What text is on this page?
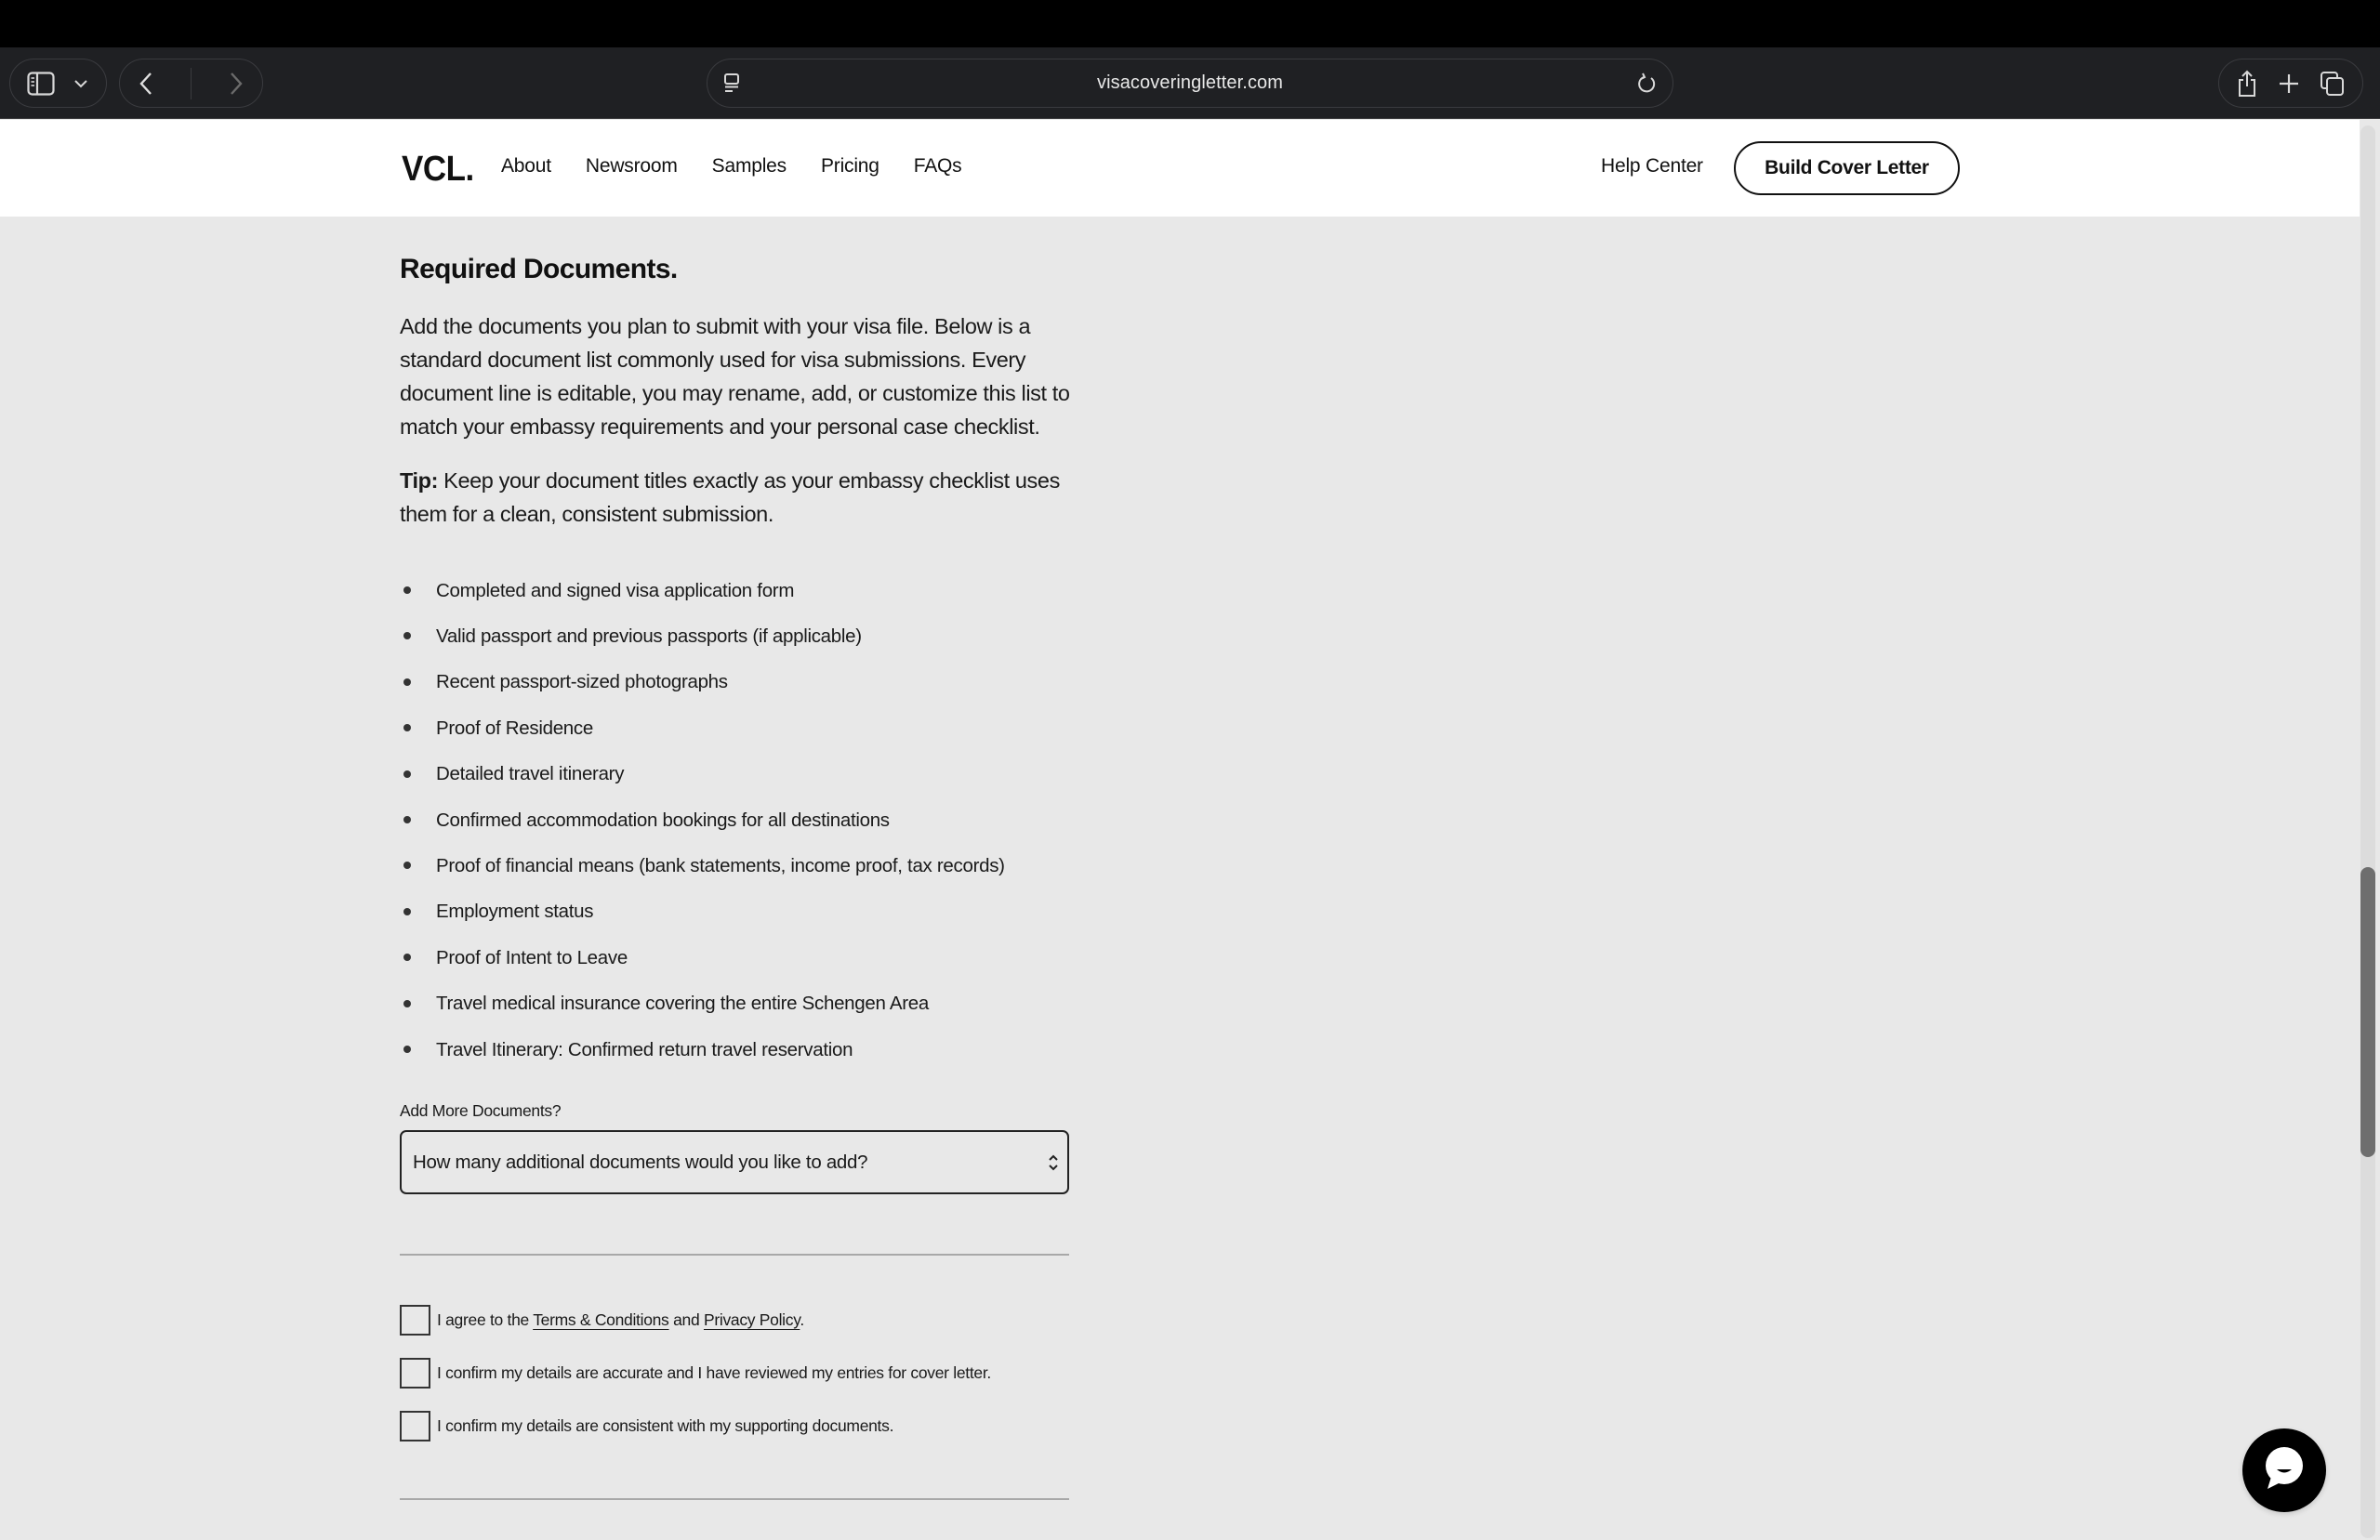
visacoveringletter.com
VCL. About Newsroom Samples Pricing FAQs	Help Center	Build Cover Letter
Required Documents.

Add the documents you plan to submit with your visa file. Below is a standard document list commonly used for visa submissions. Every document line is editable, you may rename, add, or customize this list to match your embassy requirements and your personal case checklist.

Tip: Keep your document titles exactly as your embassy checklist uses them for a clean, consistent submission.

Completed and signed visa application form
Valid passport and previous passports (if applicable)
Recent passport-sized photographs
Proof of Residence
Detailed travel itinerary
Confirmed accommodation bookings for all destinations
Proof of financial means (bank statements, income proof, tax records)
Employment status
Proof of Intent to Leave
Travel medical insurance covering the entire Schengen Area
Travel Itinerary: Confirmed return travel reservation
Add More Documents?
How many additional documents would you like to add?
I agree to the Terms & Conditions and Privacy Policy.
I confirm my details are accurate and I have reviewed my entries for cover letter.
I confirm my details are consistent with my supporting documents.
